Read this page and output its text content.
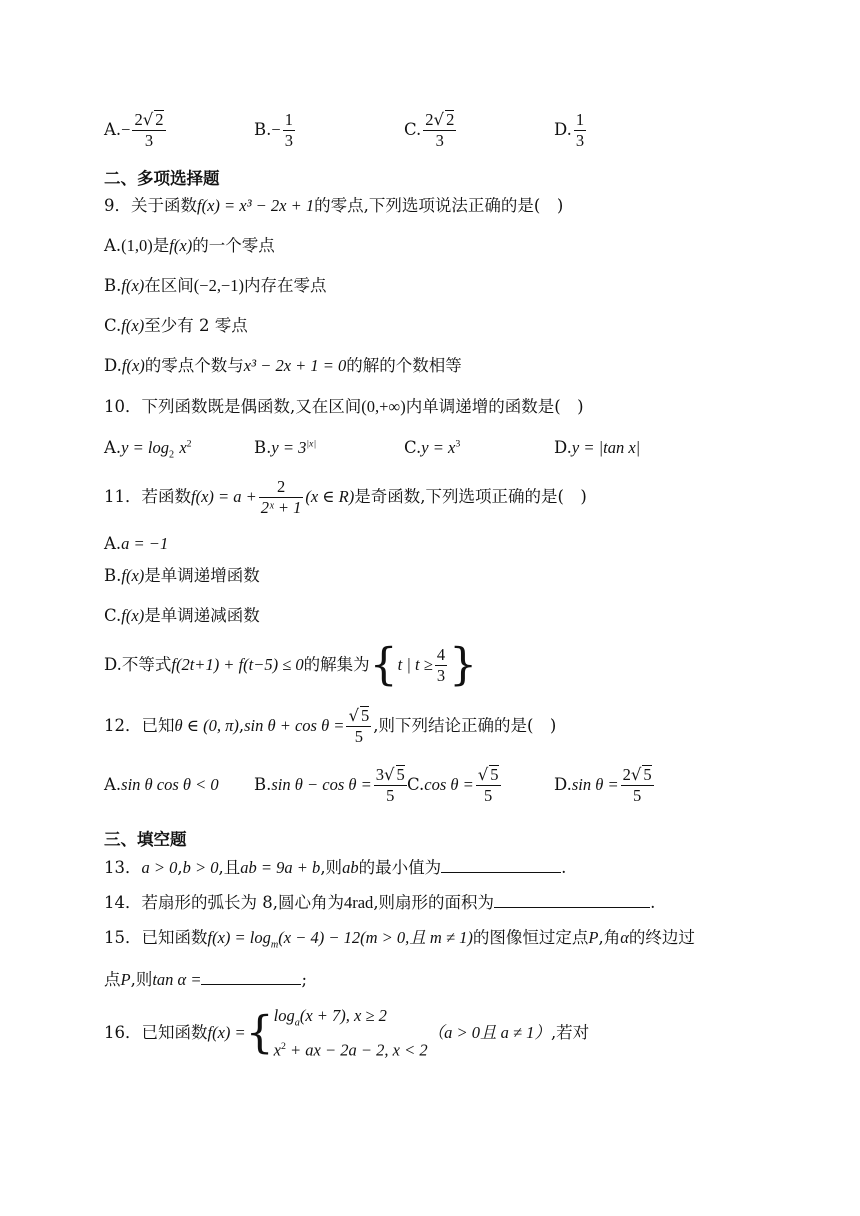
$A.- \frac{2√ 2}{3}$	$B.- \frac{1}{3}$	C. $\frac{2√ 2}{3}$	D. $\frac{1}{3}$
二、多项选择题
9．关于函数f(x) = x³ − 2x + 1的零点,下列选项说法正确的是(　)
A.(1,0)是f(x)的一个零点
B.f(x)在区间(−2,−1)内存在零点
C.f(x)至少有 2 零点
D.f(x)的零点个数与x³ − 2x + 1 = 0的解的个数相等
10．下列函数既是偶函数,又在区间(0,+∞)内单调递增的函数是(　)
$A.y = \log_2 x^2$	$B.y = 3^{|x|}$	$C.y = x^3$	D.y = |tan x|
11．若函数$f(x) = a + \frac{2}{\text{2ˣ + 1}} (x$ ∈ R)是奇函数,下列选项正确的是(　)
A.a = −1
B.f(x)是单调递增函数
C.f(x)是单调递减函数
D.不等式f(2t+1) + f(t−5) ≤ 0的解集为{t | $t \ge \frac{4}{3}$ }
12．已知θ ∈ (0, π),sin $\theta + \cos \theta = \frac{√ 5}{5}$ ,则下列结论正确的是(　)
A.sin θ cos θ < 0 B.sin $\theta - \cos \theta = \frac{3√ 5}{5} C.\cos$ $\theta = \frac{√ 5}{5}$	D.sin $\theta = \frac{2√ 5}{5}$
三、填空题
13．a > 0,b > 0,且ab = 9a + b,则ab的最小值为	.
14．若扇形的弧长为 8,圆心角为4rad,则扇形的面积为	.
15．已知函数$f(x) = \log_m(x - 4) - 12(m > 0$,且 m ≠ 1)的图像恒过定点P,角α的终边过
点P,则tan α =	;
16．已知函数f(x) ={ $\log_a(x + 7)$, x ≥ 2
$x^2$ + ax − 2a − 2, x < 2
（a > 0且 a ≠ 1）,若对
